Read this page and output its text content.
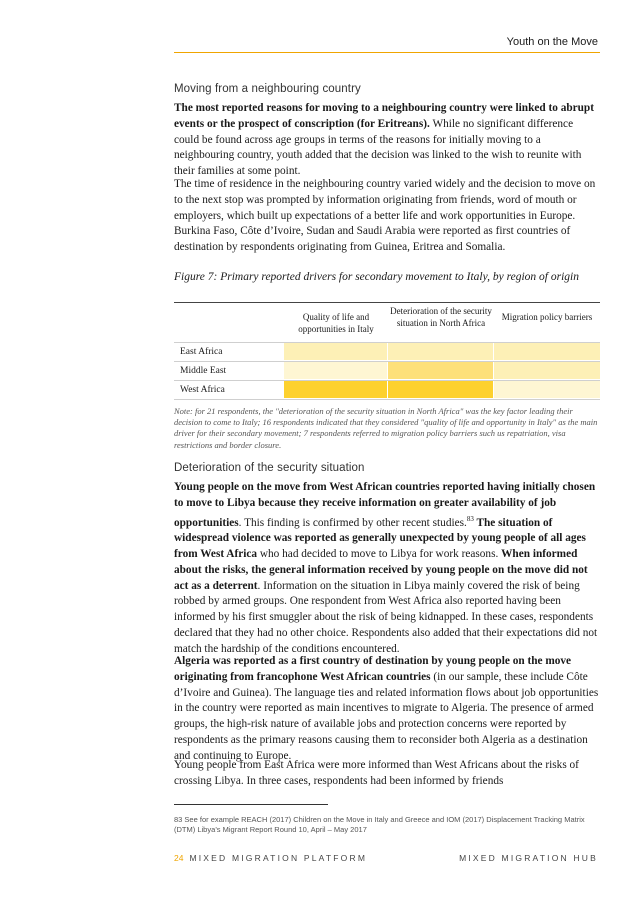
Youth on the Move
Moving from a neighbouring country
The most reported reasons for moving to a neighbouring country were linked to abrupt events or the prospect of conscription (for Eritreans). While no significant difference could be found across age groups in terms of the reasons for initially moving to a neighbouring country, youth added that the decision was linked to the wish to reunite with their families at some point.
The time of residence in the neighbouring country varied widely and the decision to move on to the next stop was prompted by information originating from friends, word of mouth or employers, which built up expectations of a better life and work opportunities in Europe. Burkina Faso, Côte d’Ivoire, Sudan and Saudi Arabia were reported as first countries of destination by respondents originating from Guinea, Eritrea and Somalia.
Figure 7: Primary reported drivers for secondary movement to Italy, by region of origin
Quality of life and opportunities in Italy
Deterioration of the security situation in North Africa
Migration policy barriers
East Africa
Middle East
West Africa
Note: for 21 respondents, the "deterioration of the security situation in North Africa" was the key factor leading their decision to come to Italy; 16 respondents indicated that they considered "quality of life and opportunity in Italy" as the main driver for their secondary movement; 7 respondents referred to migration policy barriers such us repatriation, visa restrictions and border closure.
Deterioration of the security situation
Young people on the move from West African countries reported having initially chosen to move to Libya because they receive information on greater availability of job opportunities. This finding is confirmed by other recent studies.$^{83}$ The situation of widespread violence was reported as generally unexpected by young people of all ages from West Africa who had decided to move to Libya for work reasons. When informed about the risks, the general information received by young people on the move did not act as a deterrent. Information on the situation in Libya mainly covered the risk of being robbed by armed groups. One respondent from West Africa also reported having been informed by his first smuggler about the risk of being kidnapped. In these cases, respondents declared that they had no other choice. Respondents also added that their expectations did not match the hardship of the conditions encountered.
Algeria was reported as a first country of destination by young people on the move originating from francophone West African countries (in our sample, these include Côte d’Ivoire and Guinea). The language ties and related information flows about job opportunities in the country were reported as main incentives to migrate to Algeria. The presence of armed groups, the high-risk nature of available jobs and protection concerns were reported by respondents as the primary reasons causing them to reconsider both Algeria as a destination and continuing to Europe.
Young people from East Africa were more informed than West Africans about the risks of crossing Libya. In three cases, respondents had been informed by friends
83 See for example REACH (2017) Children on the Move in Italy and Greece and IOM (2017) Displacement Tracking Matrix (DTM) Libya’s Migrant Report Round 10, April – May 2017
24 MIXED MIGRATION PLATFORM	MIXED MIGRATION HUB
